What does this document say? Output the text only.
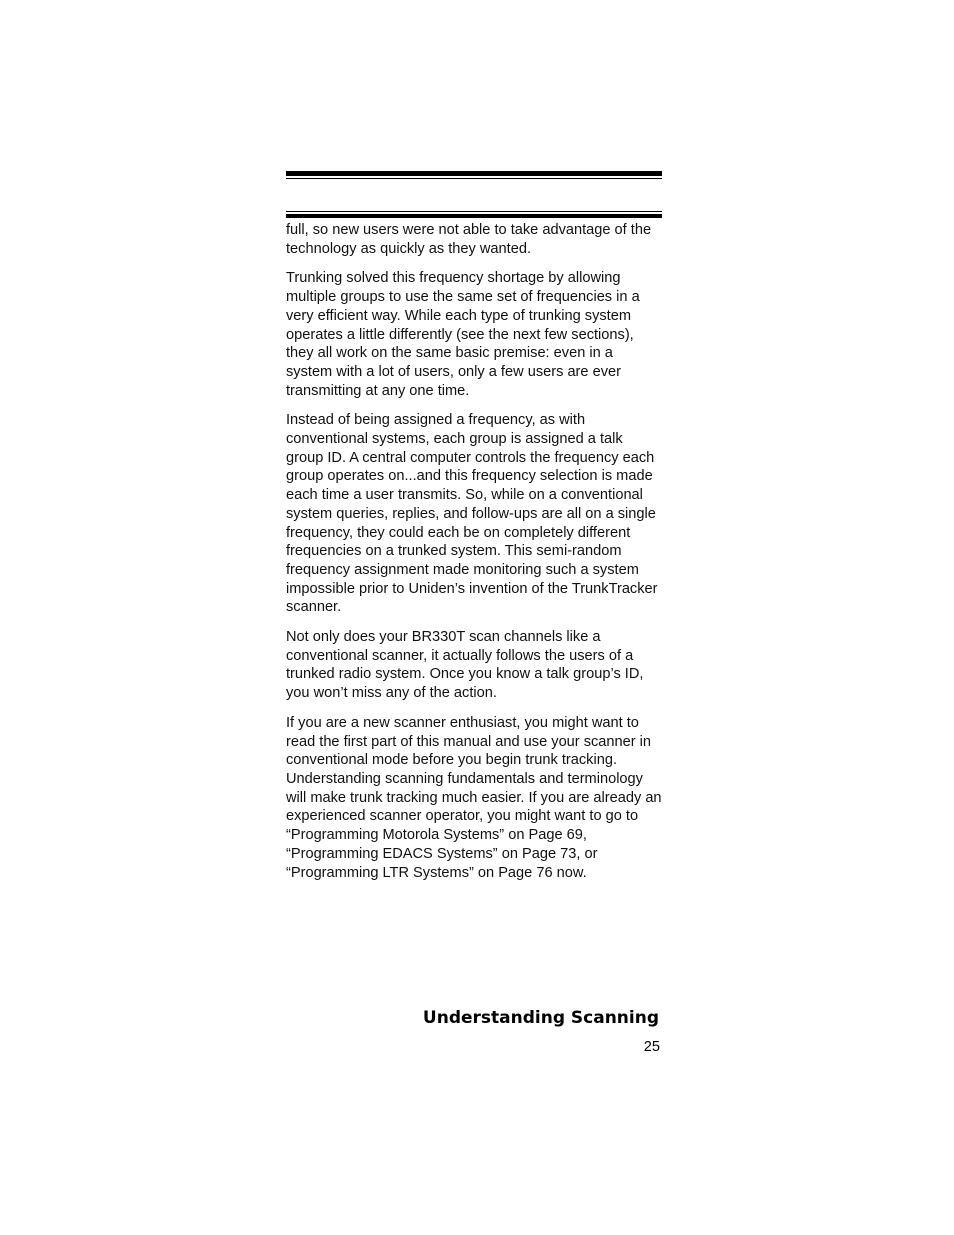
full, so new users were not able to take advantage of the technology as quickly as they wanted.

Trunking solved this frequency shortage by allowing multiple groups to use the same set of frequencies in a very efficient way. While each type of trunking system operates a little differently (see the next few sections), they all work on the same basic premise: even in a system with a lot of users, only a few users are ever transmitting at any one time.

Instead of being assigned a frequency, as with conventional systems, each group is assigned a talk group ID. A central computer controls the frequency each group operates on...and this frequency selection is made each time a user transmits. So, while on a conventional system queries, replies, and follow-ups are all on a single frequency, they could each be on completely different frequencies on a trunked system. This semi-random frequency assignment made monitoring such a system impossible prior to Uniden’s invention of the TrunkTracker scanner.

Not only does your BR330T scan channels like a conventional scanner, it actually follows the users of a trunked radio system. Once you know a talk group’s ID, you won’t miss any of the action.

If you are a new scanner enthusiast, you might want to read the first part of this manual and use your scanner in conventional mode before you begin trunk tracking. Understanding scanning fundamentals and terminology will make trunk tracking much easier. If you are already an experienced scanner operator, you might want to go to “Programming Motorola Systems” on Page 69, “Programming EDACS Systems” on Page 73, or “Programming LTR Systems” on Page 76 now.

Understanding Scanning
25
